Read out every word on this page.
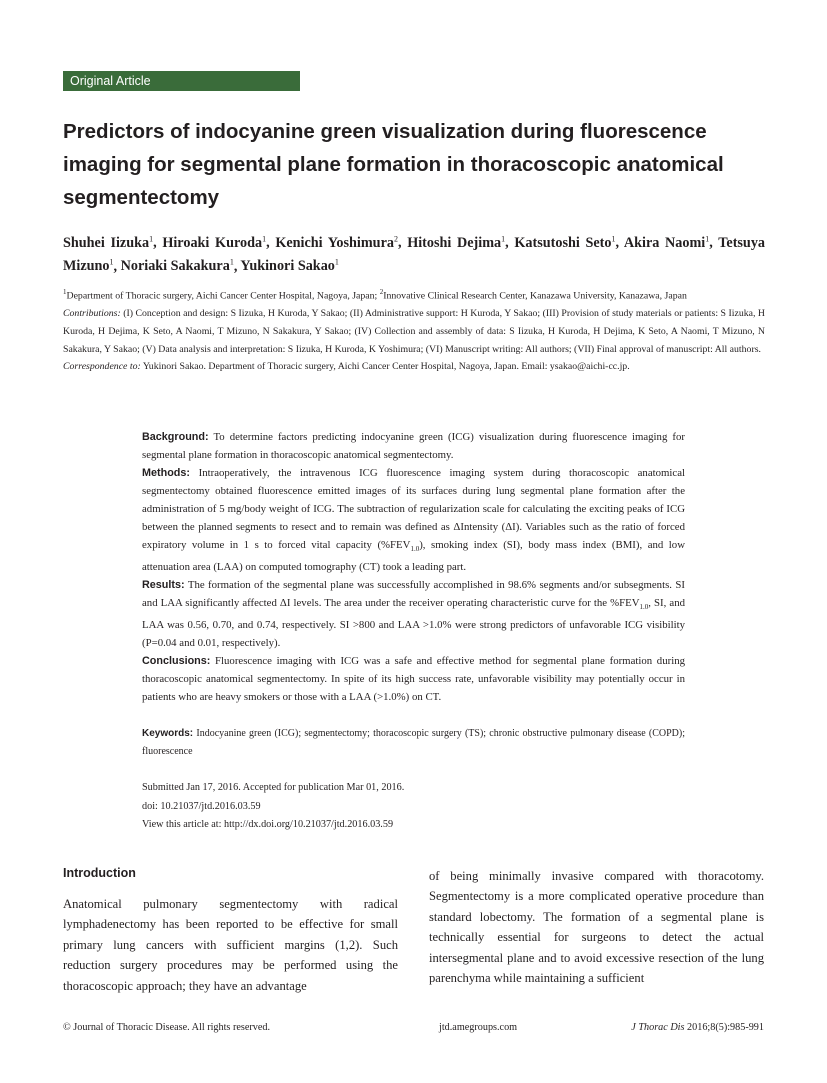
Original Article
Predictors of indocyanine green visualization during fluorescence imaging for segmental plane formation in thoracoscopic anatomical segmentectomy

Shuhei Iizuka$^1$, Hiroaki Kuroda$^1$, Kenichi Yoshimura$^2$, Hitoshi Dejima$^1$, Katsutoshi Seto$^1$, Akira Naomi$^1$, Tetsuya Mizuno$^1$, Noriaki Sakakura$^1$, Yukinori Sakao$^1$

$^1$Department of Thoracic surgery, Aichi Cancer Center Hospital, Nagoya, Japan; $^2$Innovative Clinical Research Center, Kanazawa University, Kanazawa, Japan

Contributions: (I) Conception and design: S Iizuka, H Kuroda, Y Sakao; (II) Administrative support: H Kuroda, Y Sakao; (III) Provision of study materials or patients: S Iizuka, H Kuroda, H Dejima, K Seto, A Naomi, T Mizuno, N Sakakura, Y Sakao; (IV) Collection and assembly of data: S Iizuka, H Kuroda, H Dejima, K Seto, A Naomi, T Mizuno, N Sakakura, Y Sakao; (V) Data analysis and interpretation: S Iizuka, H Kuroda, K Yoshimura; (VI) Manuscript writing: All authors; (VII) Final approval of manuscript: All authors.

Correspondence to: Yukinori Sakao. Department of Thoracic surgery, Aichi Cancer Center Hospital, Nagoya, Japan. Email: ysakao@aichi-cc.jp.

Background: To determine factors predicting indocyanine green (ICG) visualization during fluorescence imaging for segmental plane formation in thoracoscopic anatomical segmentectomy.

Methods: Intraoperatively, the intravenous ICG fluorescence imaging system during thoracoscopic anatomical segmentectomy obtained fluorescence emitted images of its surfaces during lung segmental plane formation after the administration of 5 mg/body weight of ICG. The subtraction of regularization scale for calculating the exciting peaks of ICG between the planned segments to resect and to remain was defined as ΔIntensity (ΔI). Variables such as the ratio of forced expiratory volume in 1 s to forced vital capacity $(\%FEV_{1.0})$, smoking index (SI), body mass index (BMI), and low attenuation area (LAA) on computed tomography (CT) took a leading part.

Results: The formation of the segmental plane was successfully accomplished in 98.6% segments and/or subsegments. SI and LAA significantly affected ΔI levels. The area under the receiver operating characteristic curve for the $\%FEV_{1.0}$, SI, and LAA was 0.56, 0.70, and 0.74, respectively. SI >800 and LAA >1.0% were strong predictors of unfavorable ICG visibility (P=0.04 and 0.01, respectively).

Conclusions: Fluorescence imaging with ICG was a safe and effective method for segmental plane formation during thoracoscopic anatomical segmentectomy. In spite of its high success rate, unfavorable visibility may potentially occur in patients who are heavy smokers or those with a LAA (>1.0%) on CT.

Keywords: Indocyanine green (ICG); segmentectomy; thoracoscopic surgery (TS); chronic obstructive pulmonary disease (COPD); fluorescence

Submitted Jan 17, 2016. Accepted for publication Mar 01, 2016.

doi: 10.21037/jtd.2016.03.59

View this article at: http://dx.doi.org/10.21037/jtd.2016.03.59

Introduction

Anatomical pulmonary segmentectomy with radical lymphadenectomy has been reported to be effective for small primary lung cancers with sufficient margins (1,2). Such reduction surgery procedures may be performed using the thoracoscopic approach; they have an advantage

of being minimally invasive compared with thoracotomy. Segmentectomy is a more complicated operative procedure than standard lobectomy. The formation of a segmental plane is technically essential for surgeons to detect the actual intersegmental plane and to avoid excessive resection of the lung parenchyma while maintaining a sufficient

© Journal of Thoracic Disease. All rights reserved.	jtd.amegroups.com	J Thorac Dis 2016;8(5):985-991
